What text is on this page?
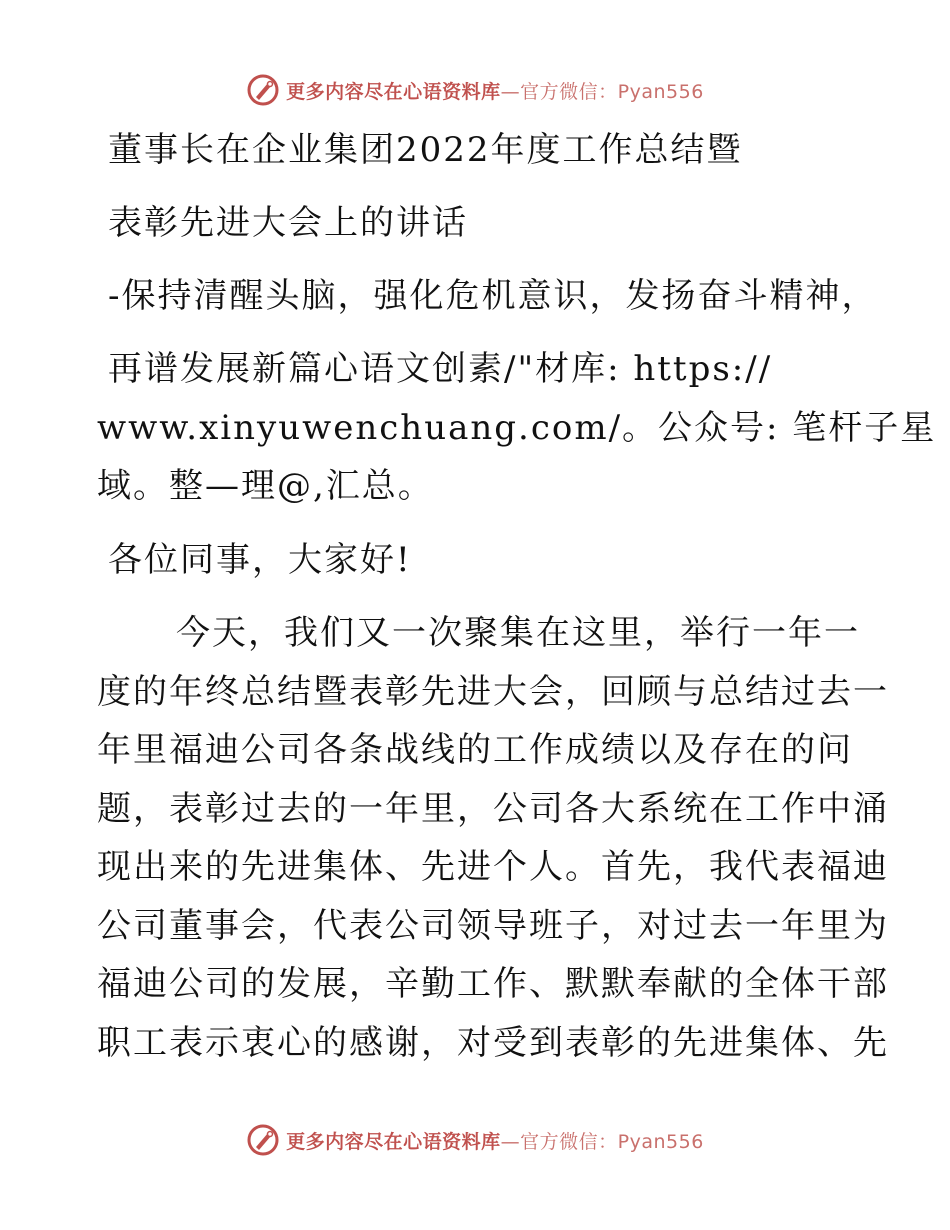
更多内容尽在心语资料库—官方微信：Pyan556
董事长在企业集团2022年度工作总结暨
表彰先进大会上的讲话
-保持清醒头脑，强化危机意识，发扬奋斗精神，
再谱发展新篇心语文创素/"材库: https://
www.xinyuwenchuang.com/。公众号: 笔杆子星
域。整—理@,汇总。
各位同事，大家好!
今天，我们又一次聚集在这里，举行一年一
度的年终总结暨表彰先进大会，回顾与总结过去一
年里福迪公司各条战线的工作成绩以及存在的问
题，表彰过去的一年里，公司各大系统在工作中涌
现出来的先进集体、先进个人。首先，我代表福迪
公司董事会，代表公司领导班子，对过去一年里为
福迪公司的发展，辛勤工作、默默奉献的全体干部
职工表示衷心的感谢，对受到表彰的先进集体、先
更多内容尽在心语资料库—官方微信：Pyan556
